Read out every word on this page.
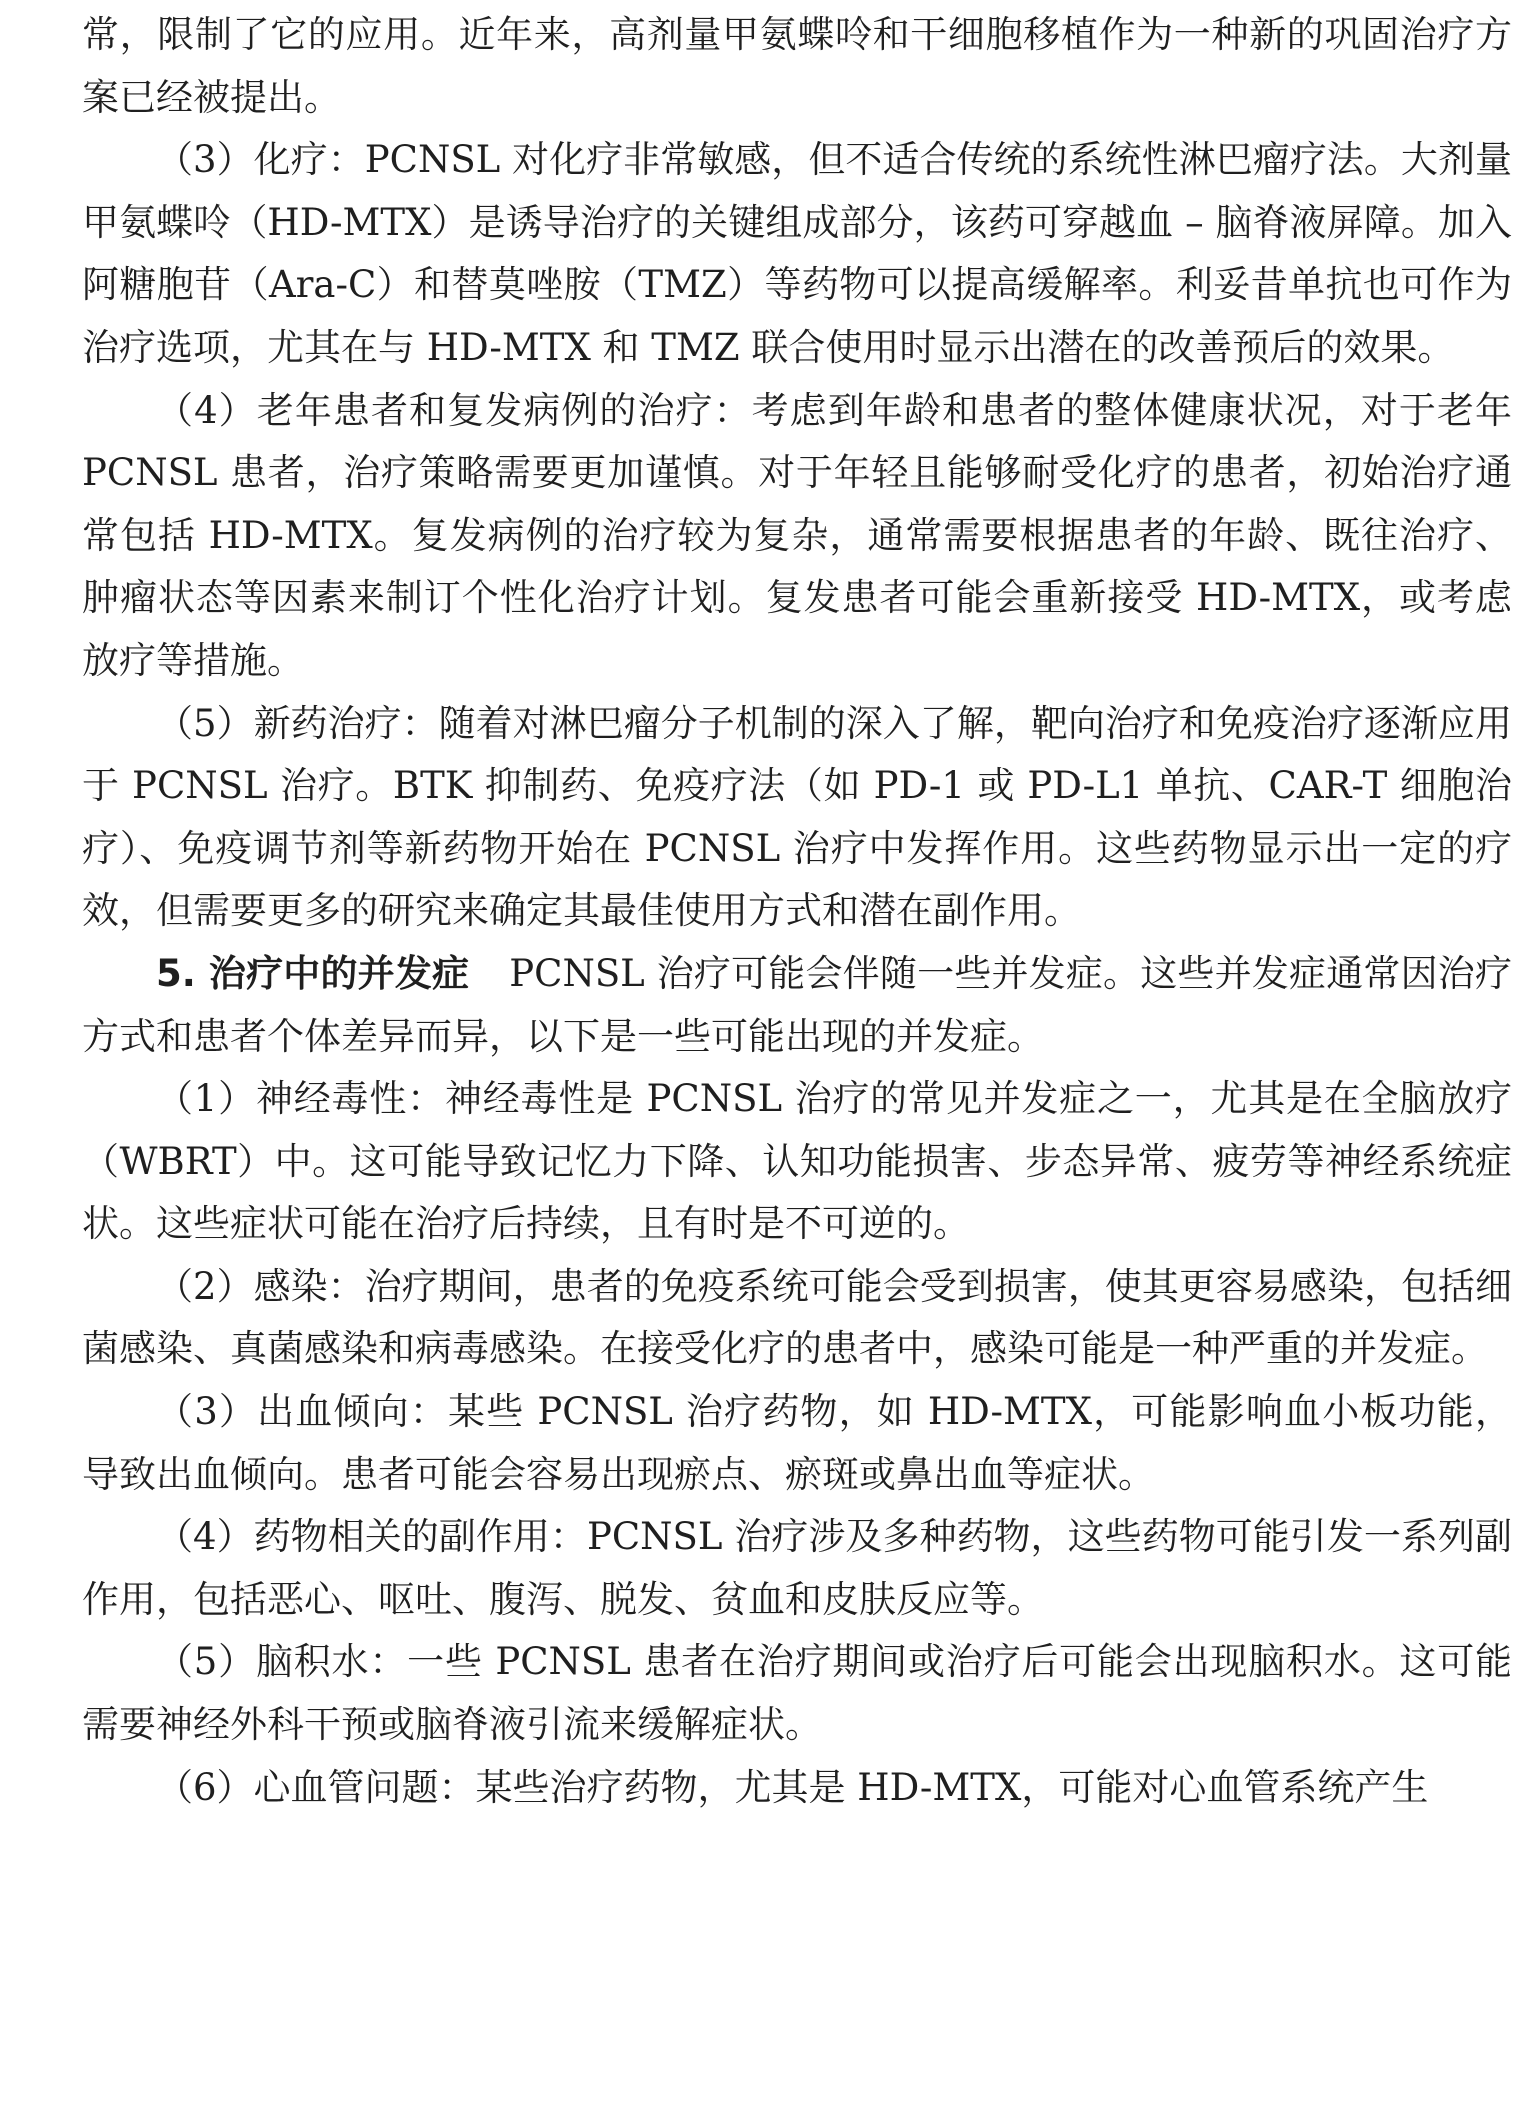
常，限制了它的应用。近年来，高剂量甲氨蝶呤和干细胞移植作为一种新的巩固治疗方案已经被提出。

（3）化疗：PCNSL 对化疗非常敏感，但不适合传统的系统性淋巴瘤疗法。大剂量甲氨蝶呤（HD-MTX）是诱导治疗的关键组成部分，该药可穿越血 – 脑脊液屏障。加入阿糖胞苷（Ara-C）和替莫唑胺（TMZ）等药物可以提高缓解率。利妥昔单抗也可作为治疗选项，尤其在与 HD-MTX 和 TMZ 联合使用时显示出潜在的改善预后的效果。

（4）老年患者和复发病例的治疗：考虑到年龄和患者的整体健康状况，对于老年 PCNSL 患者，治疗策略需要更加谨慎。对于年轻且能够耐受化疗的患者，初始治疗通常包括 HD-MTX。复发病例的治疗较为复杂，通常需要根据患者的年龄、既往治疗、肿瘤状态等因素来制订个性化治疗计划。复发患者可能会重新接受 HD-MTX，或考虑放疗等措施。

（5）新药治疗：随着对淋巴瘤分子机制的深入了解，靶向治疗和免疫治疗逐渐应用于 PCNSL 治疗。BTK 抑制药、免疫疗法（如 PD-1 或 PD-L1 单抗、CAR-T 细胞治疗）、免疫调节剂等新药物开始在 PCNSL 治疗中发挥作用。这些药物显示出一定的疗效，但需要更多的研究来确定其最佳使用方式和潜在副作用。

5. 治疗中的并发症 PCNSL 治疗可能会伴随一些并发症。这些并发症通常因治疗方式和患者个体差异而异，以下是一些可能出现的并发症。

（1）神经毒性：神经毒性是 PCNSL 治疗的常见并发症之一，尤其是在全脑放疗（WBRT）中。这可能导致记忆力下降、认知功能损害、步态异常、疲劳等神经系统症状。这些症状可能在治疗后持续，且有时是不可逆的。

（2）感染：治疗期间，患者的免疫系统可能会受到损害，使其更容易感染，包括细菌感染、真菌感染和病毒感染。在接受化疗的患者中，感染可能是一种严重的并发症。

（3）出血倾向：某些 PCNSL 治疗药物，如 HD-MTX，可能影响血小板功能，导致出血倾向。患者可能会容易出现瘀点、瘀斑或鼻出血等症状。

（4）药物相关的副作用：PCNSL 治疗涉及多种药物，这些药物可能引发一系列副作用，包括恶心、呕吐、腹泻、脱发、贫血和皮肤反应等。

（5）脑积水：一些 PCNSL 患者在治疗期间或治疗后可能会出现脑积水。这可能需要神经外科干预或脑脊液引流来缓解症状。

（6）心血管问题：某些治疗药物，尤其是 HD-MTX，可能对心血管系统产生
